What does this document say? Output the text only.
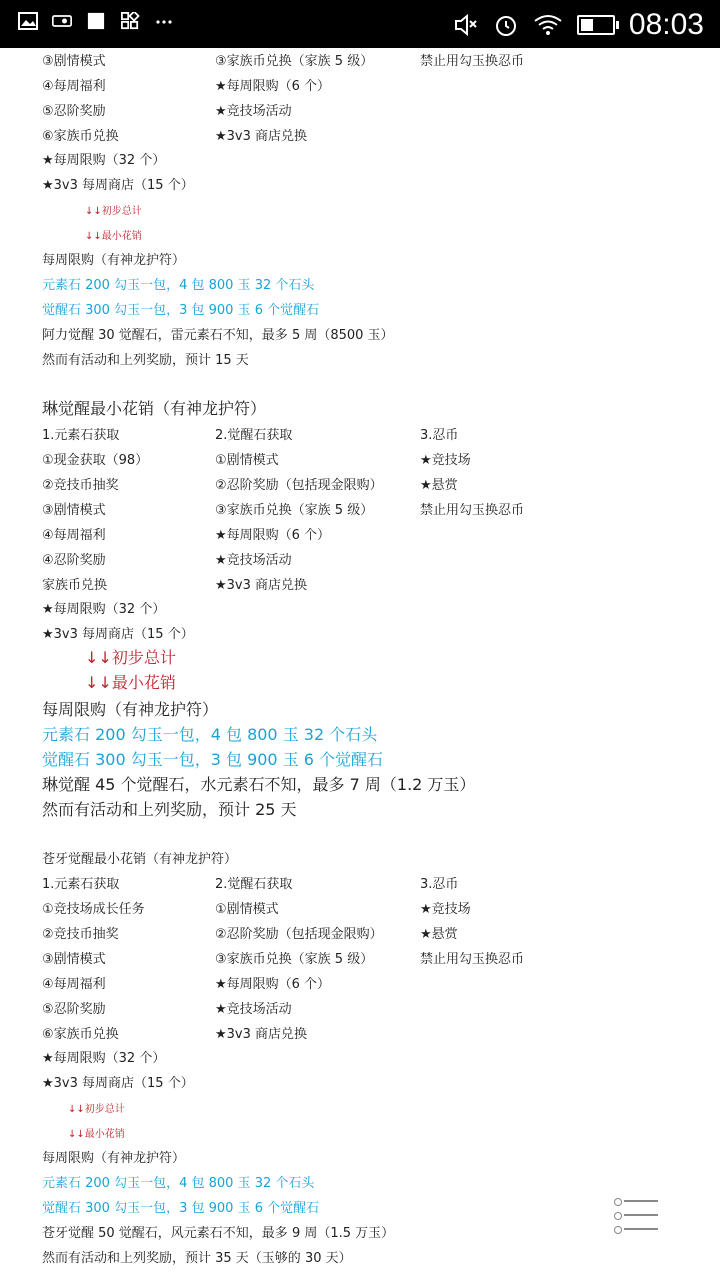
08:03
③剧情模式	③家族币兑换（家族 5 级）	禁止用勾玉换忍币
④每周福利	★每周限购（6 个）
⑤忍阶奖励	★竞技场活动
⑥家族币兑换	★3v3 商店兑换
★每周限购（32 个）
★3v3 每周商店（15 个）
↓↓初步总计
↓↓最小花销
每周限购（有神龙护符）
元素石 200 勾玉一包，4 包 800 玉 32 个石头
觉醒石 300 勾玉一包，3 包 900 玉 6 个觉醒石
阿力觉醒 30 觉醒石，雷元素石不知，最多 5 周（8500 玉）
然而有活动和上列奖励，预计 15 天
琳觉醒最小花销（有神龙护符）
1.元素石获取	2.觉醒石获取	3.忍币
①现金获取（98）	①剧情模式	★竞技场
②竞技币抽奖	②忍阶奖励（包括现金限购）	★悬赏
③剧情模式	③家族币兑换（家族 5 级）	禁止用勾玉换忍币
④每周福利	★每周限购（6 个）
④忍阶奖励	★竞技场活动
家族币兑换	★3v3 商店兑换
★每周限购（32 个）
★3v3 每周商店（15 个）
↓↓初步总计
↓↓最小花销
每周限购（有神龙护符）
元素石 200 勾玉一包，4 包 800 玉 32 个石头
觉醒石 300 勾玉一包，3 包 900 玉 6 个觉醒石
琳觉醒 45 个觉醒石，水元素石不知，最多 7 周（1.2 万玉）
然而有活动和上列奖励，预计 25 天
苍牙觉醒最小花销（有神龙护符）
1.元素石获取	2.觉醒石获取	3.忍币
①竞技场成长任务	①剧情模式	★竞技场
②竞技币抽奖	②忍阶奖励（包括现金限购）	★悬赏
③剧情模式	③家族币兑换（家族 5 级）	禁止用勾玉换忍币
④每周福利	★每周限购（6 个）
⑤忍阶奖励	★竞技场活动
⑥家族币兑换	★3v3 商店兑换
★每周限购（32 个）
★3v3 每周商店（15 个）
↓↓初步总计
↓↓最小花销
每周限购（有神龙护符）
元素石 200 勾玉一包，4 包 800 玉 32 个石头
觉醒石 300 勾玉一包，3 包 900 玉 6 个觉醒石
苍牙觉醒 50 觉醒石，风元素石不知，最多 9 周（1.5 万玉）
然而有活动和上列奖励，预计 35 天（玉够的 30 天）
